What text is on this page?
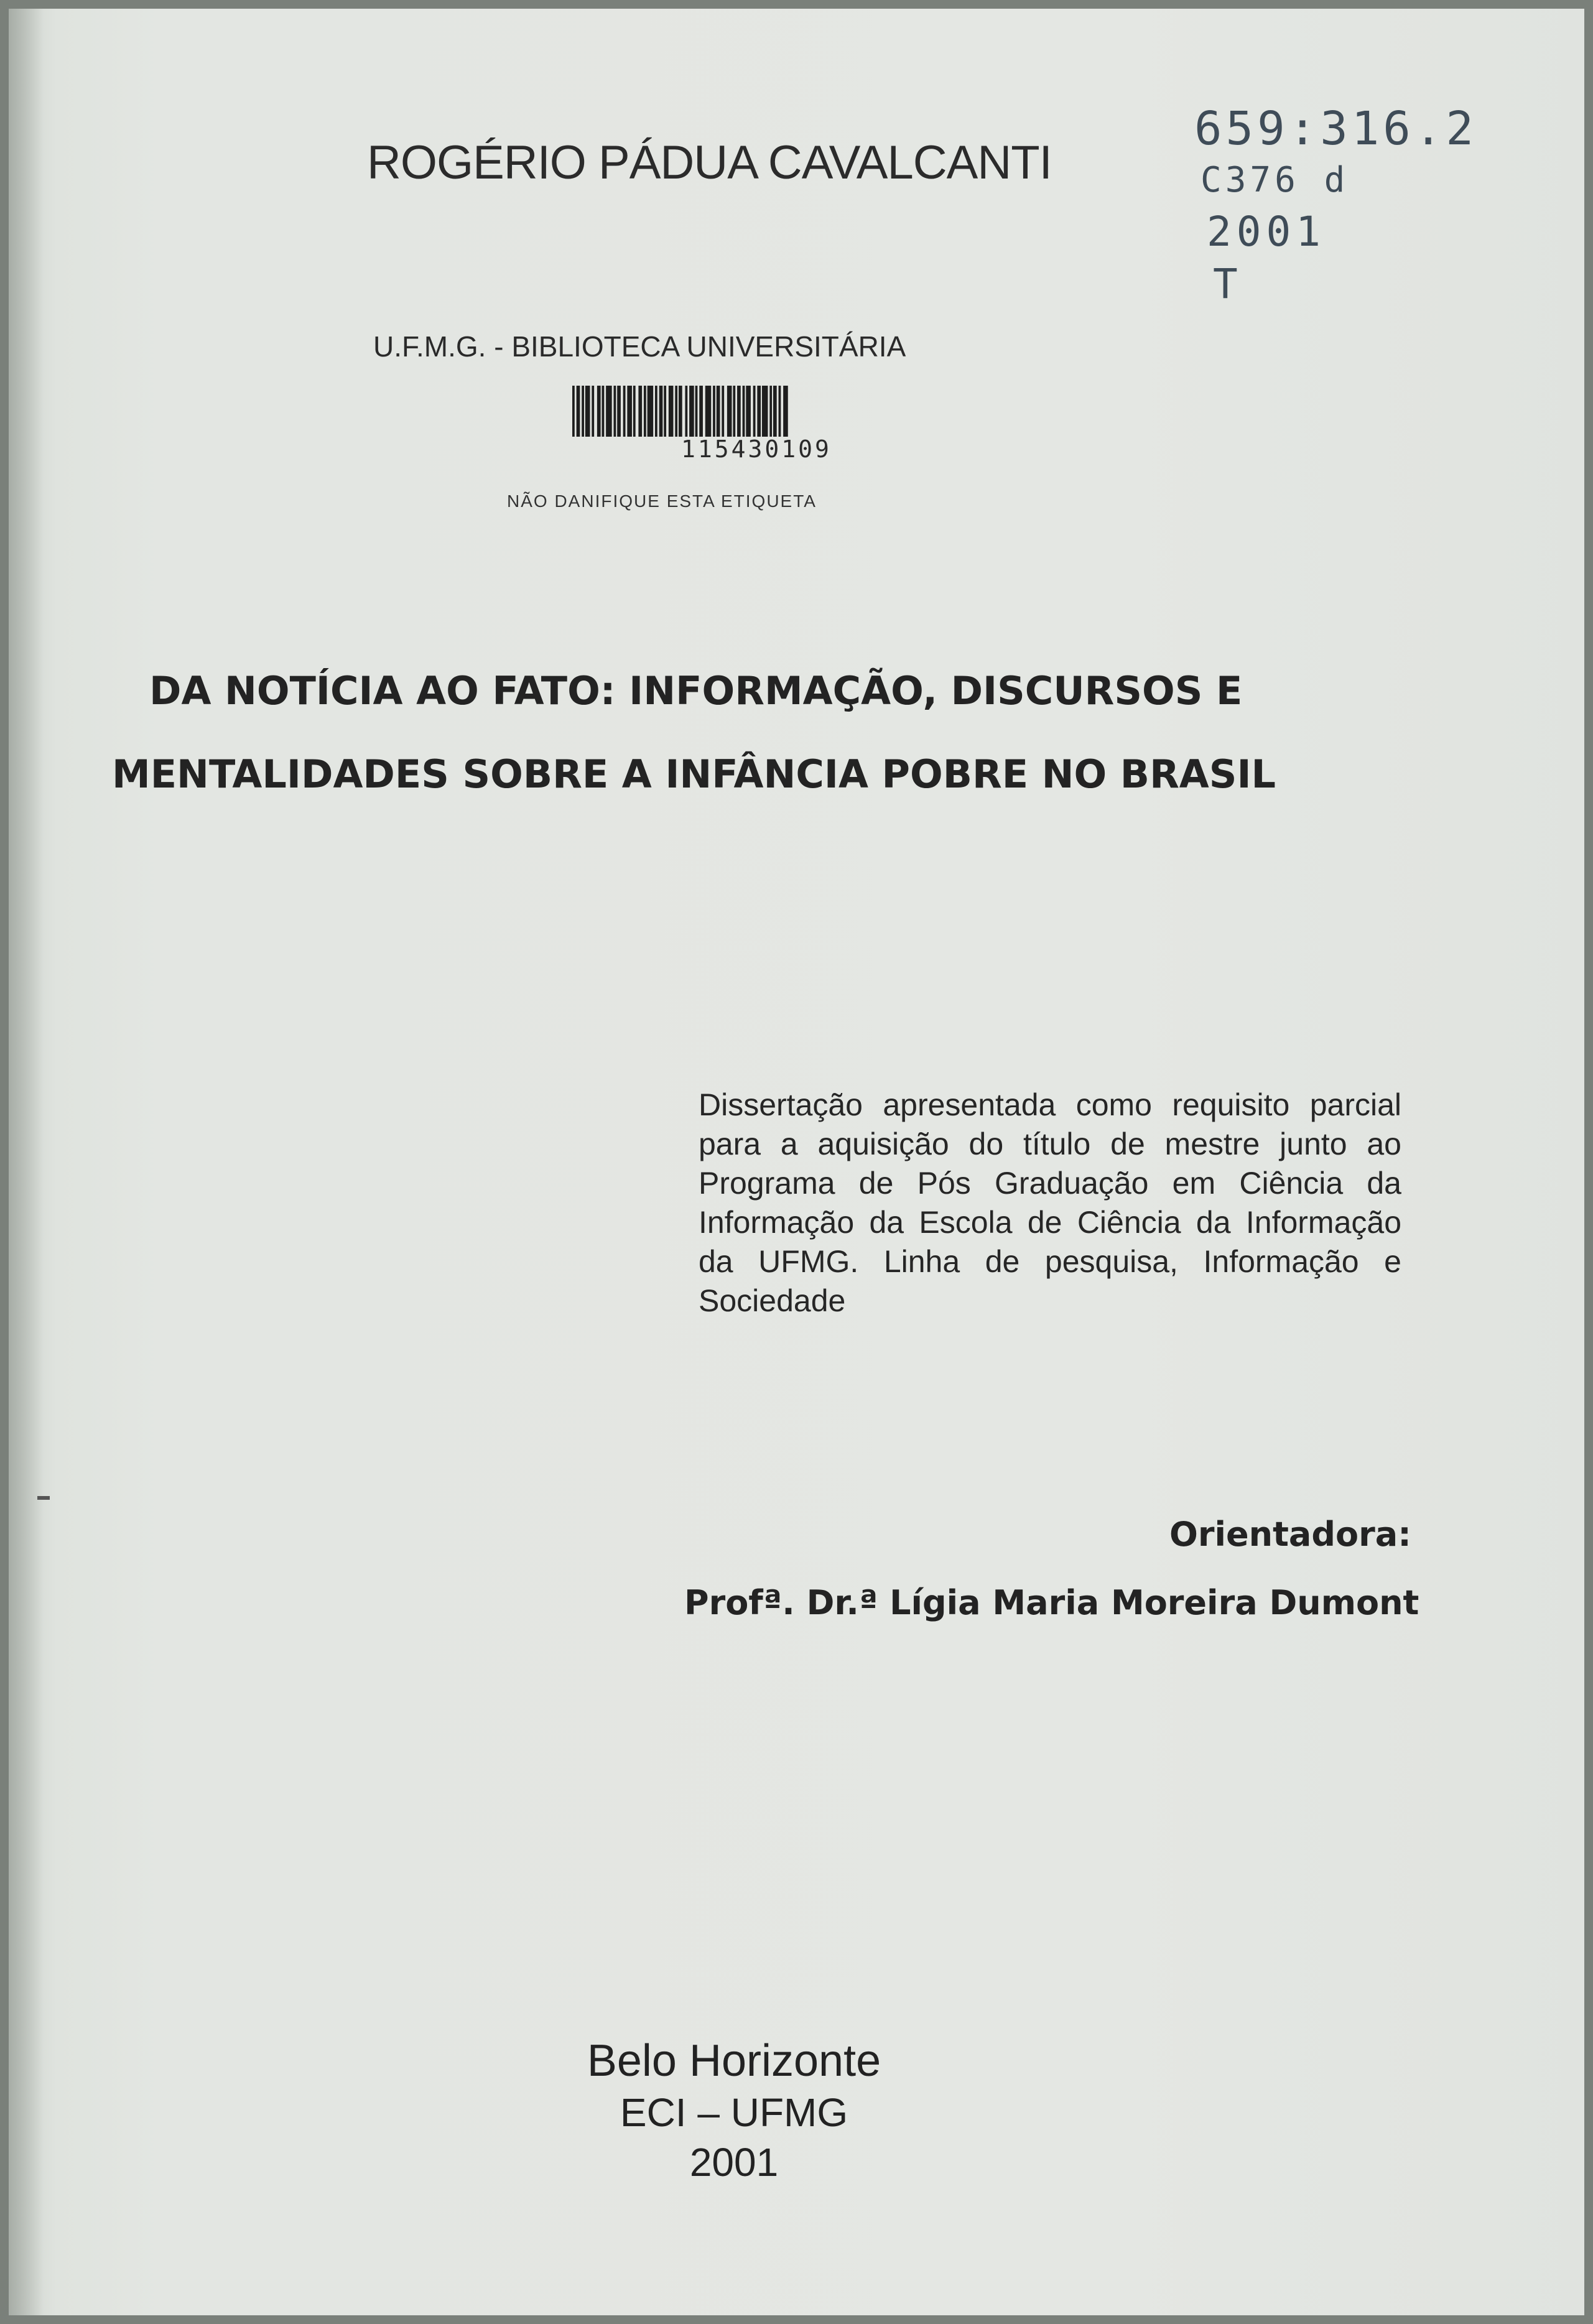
ROGÉRIO PÁDUA CAVALCANTI
659:316.2
C376 d
2001
T
U.F.M.G. - BIBLIOTECA UNIVERSITÁRIA
115430109
NÃO DANIFIQUE ESTA ETIQUETA
DA NOTÍCIA AO FATO: INFORMAÇÃO, DISCURSOS E
MENTALIDADES SOBRE A INFÂNCIA POBRE NO BRASIL
Dissertação apresentada como requisito parcial para a aquisição do título de mestre junto ao Programa de Pós Graduação em Ciência da Informação da Escola de Ciência da Informação da UFMG. Linha de pesquisa, Informação e Sociedade
Orientadora:
Profª. Dr.ª Lígia Maria Moreira Dumont
Belo Horizonte
ECI – UFMG
2001
